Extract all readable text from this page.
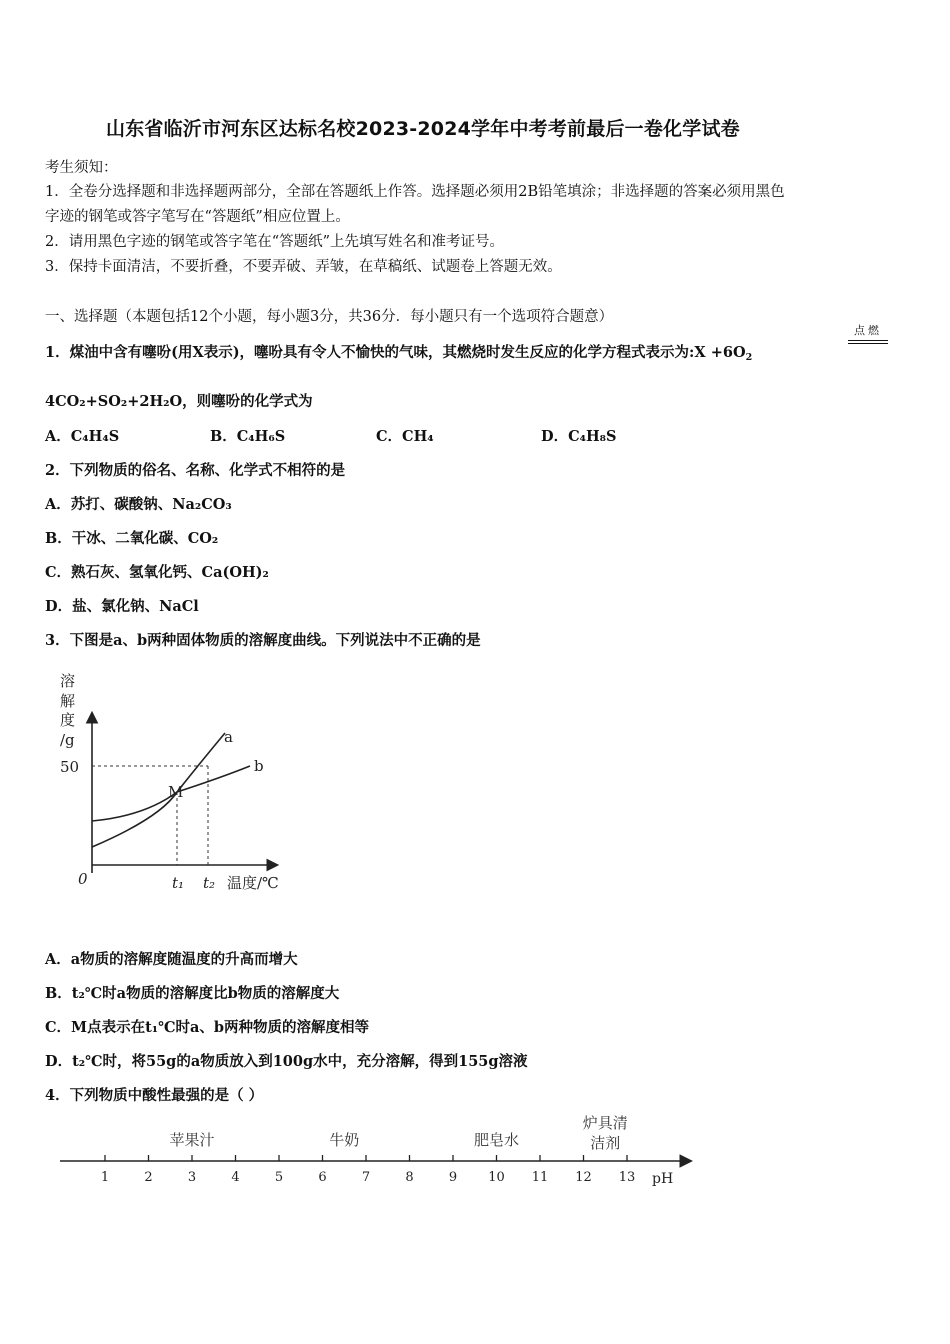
山东省临沂市河东区达标名校2023-2024学年中考考前最后一卷化学试卷
考生须知：
1．全卷分选择题和非选择题两部分，全部在答题纸上作答。选择题必须用2B铅笔填涂；非选择题的答案必须用黑色
字迹的钢笔或答字笔写在“答题纸”相应位置上。
2．请用黑色字迹的钢笔或答字笔在“答题纸”上先填写姓名和准考证号。
3．保持卡面清洁，不要折叠，不要弄破、弄皱，在草稿纸、试题卷上答题无效。
一、选择题（本题包括12个小题，每小题3分，共36分．每小题只有一个选项符合题意）
1．煤油中含有噻吩(用X表示)，噻吩具有令人不愉快的气味，其燃烧时发生反应的化学方程式表示为:X $+6O_2$
点燃
4CO₂+SO₂+2H₂O，则噻吩的化学式为
A．C₄H₄S	B．C₄H₆S	C．CH₄	D．C₄H₈S
2．下列物质的俗名、名称、化学式不相符的是
A．苏打、碳酸钠、Na₂CO₃
B．干冰、二氧化碳、CO₂
C．熟石灰、氢氧化钙、Ca(OH)₂
D．盐、氯化钠、NaCl
3．下图是a、b两种固体物质的溶解度曲线。下列说法中不正确的是
溶
解
度
/g
50
a
b
M
0	t₁ t₂ 温度/℃
A．a物质的溶解度随温度的升高而增大
B．t₂℃时a物质的溶解度比b物质的溶解度大
C．M点表示在t₁℃时a、b两种物质的溶解度相等
D．t₂℃时，将55g的a物质放入到100g水中，充分溶解，得到155g溶液
4．下列物质中酸性最强的是（ ）
1	2	3	4	5	6	7	8	9 10 11 12 13
苹果汁	牛奶	肥皂水
炉具清
洁剂
pH
